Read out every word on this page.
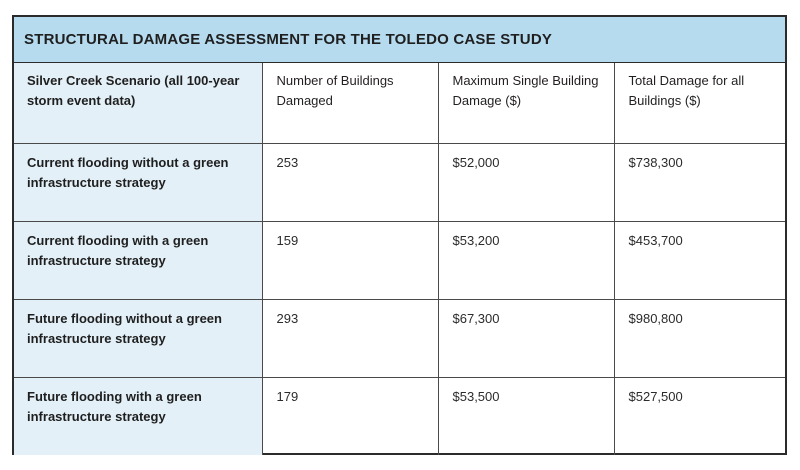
STRUCTURAL DAMAGE ASSESSMENT FOR THE TOLEDO CASE STUDY
Silver Creek Scenario (all 100-year storm event data)	Number of Buildings Damaged	Maximum Single Building Damage ($)	Total Damage for all Buildings ($)
Current flooding without a green infrastructure strategy	253	$52,000	$738,300
Current flooding with a green infrastructure strategy	159	$53,200	$453,700
Future flooding without a green infrastructure strategy	293	$67,300	$980,800
Future flooding with a green infrastructure strategy	179	$53,500	$527,500
